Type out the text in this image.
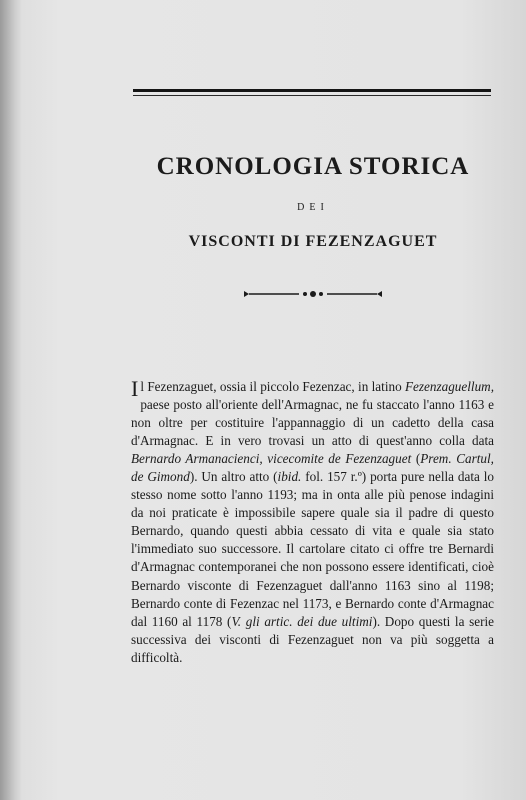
CRONOLOGIA STORICA
DEI
VISCONTI DI FEZENZAGUET

Il Fezenzaguet, ossia il piccolo Fezenzac, in latino Fezenzaguellum, paese posto all'oriente dell'Armagnac, ne fu staccato l'anno 1163 e non oltre per costituire l'appannaggio di un cadetto della casa d'Armagnac. E in vero trovasi un atto di quest'anno colla data Bernardo Armanacienci, vicecomite de Fezenzaguet (Prem. Cartul, de Gimond). Un altro atto (ibid. fol. 157 r.º) porta pure nella data lo stesso nome sotto l'anno 1193; ma in onta alle più penose indagini da noi praticate è impossibile sapere quale sia il padre di questo Bernardo, quando questi abbia cessato di vita e quale sia stato l'immediato suo successore. Il cartolare citato ci offre tre Bernardi d'Armagnac contemporanei che non possono essere identificati, cioè Bernardo visconte di Fezenzaguet dall'anno 1163 sino al 1198; Bernardo conte di Fezenzac nel 1173, e Bernardo conte d'Armagnac dal 1160 al 1178 (V. gli artic. dei due ultimi). Dopo questi la serie successiva dei visconti di Fezenzaguet non va più soggetta a difficoltà.
